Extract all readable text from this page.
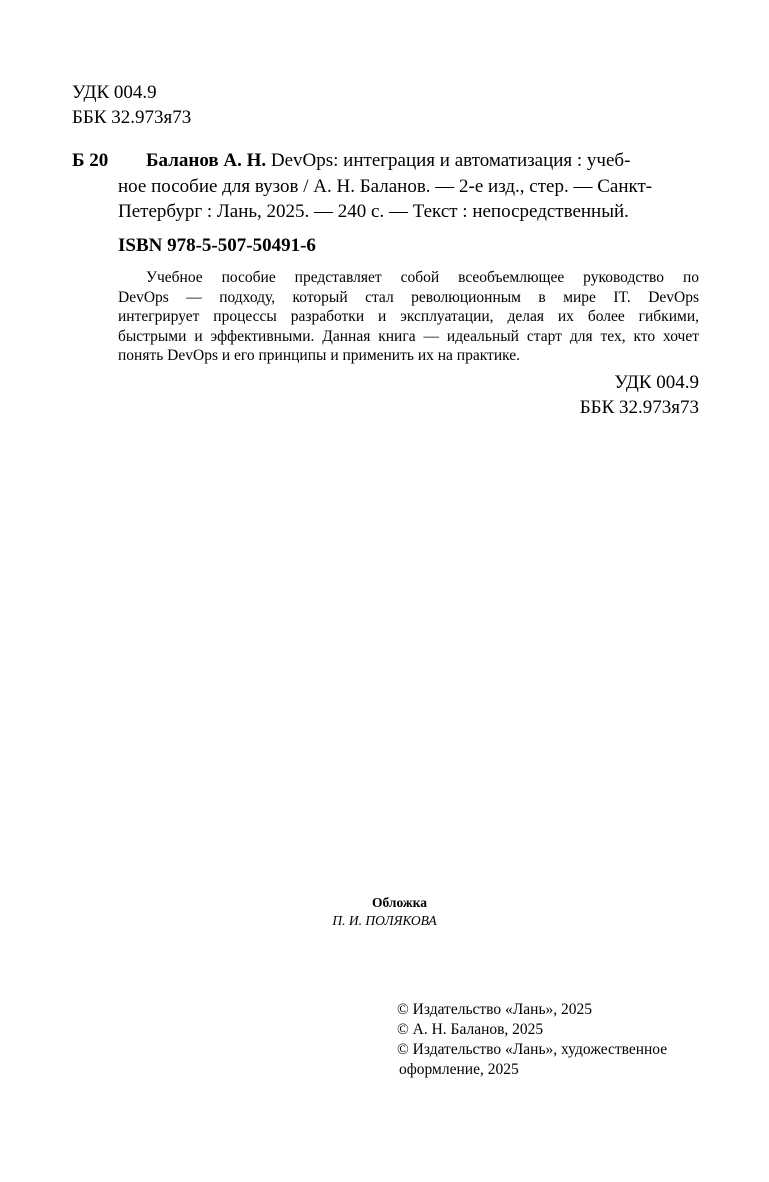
УДК 004.9
ББК 32.973я73
Б 20	Баланов А. Н. DevOps: интеграция и автоматизация : учеб-
ное пособие для вузов / А. Н. Баланов. — 2-е изд., стер. — Санкт-
Петербург : Лань, 2025. — 240 с. — Текст : непосредственный.
ISBN 978-5-507-50491-6
Учебное пособие представляет собой всеобъемлющее руководство по
DevOps — подходу, который стал революционным в мире IT. DevOps
интегрирует процессы разработки и эксплуатации, делая их более гибкими,
быстрыми и эффективными. Данная книга — идеальный старт для тех, кто хочет
понять DevOps и его принципы и применить их на практике.
УДК 004.9
ББК 32.973я73
Обложка
П. И. ПОЛЯКОВА
© Издательство «Лань», 2025
© А. Н. Баланов, 2025
© Издательство «Лань», художественное
оформление, 2025
